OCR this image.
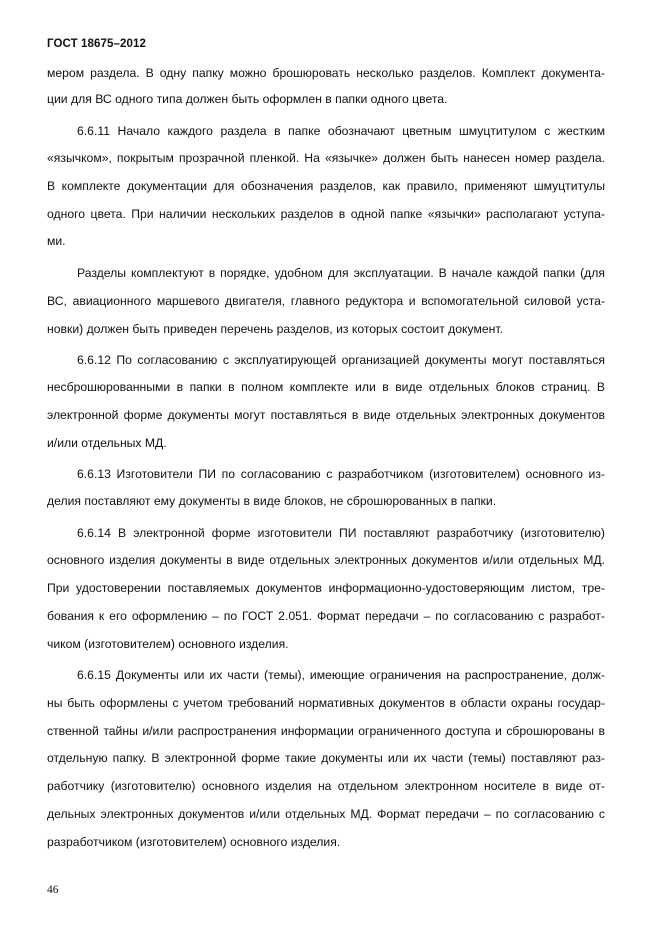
ГОСТ 18675–2012
мером раздела. В одну папку можно брошюровать несколько разделов. Комплект документа-
ции для ВС одного типа должен быть оформлен в папки одного цвета.
6.6.11 Начало каждого раздела в папке обозначают цветным шмуцтитулом с жестким
«язычком», покрытым прозрачной пленкой. На «язычке» должен быть нанесен номер раздела.
В комплекте документации для обозначения разделов, как правило, применяют шмуцтитулы
одного цвета. При наличии нескольких разделов в одной папке «язычки» располагают уступа-
ми.
Разделы комплектуют в порядке, удобном для эксплуатации. В начале каждой папки (для
ВС, авиационного маршевого двигателя, главного редуктора и вспомогательной силовой уста-
новки) должен быть приведен перечень разделов, из которых состоит документ.
6.6.12 По согласованию с эксплуатирующей организацией документы могут поставляться
несброшюрованными в папки в полном комплекте или в виде отдельных блоков страниц. В
электронной форме документы могут поставляться в виде отдельных электронных документов
и/или отдельных МД.
6.6.13 Изготовители ПИ по согласованию с разработчиком (изготовителем) основного из-
делия поставляют ему документы в виде блоков, не сброшюрованных в папки.
6.6.14 В электронной форме изготовители ПИ поставляют разработчику (изготовителю)
основного изделия документы в виде отдельных электронных документов и/или отдельных МД.
При удостоверении поставляемых документов информационно-удостоверяющим листом, тре-
бования к его оформлению – по ГОСТ 2.051. Формат передачи – по согласованию с разработ-
чиком (изготовителем) основного изделия.
6.6.15 Документы или их части (темы), имеющие ограничения на распространение, долж-
ны быть оформлены с учетом требований нормативных документов в области охраны государ-
ственной тайны и/или распространения информации ограниченного доступа и сброшюрованы в
отдельную папку. В электронной форме такие документы или их части (темы) поставляют раз-
работчику (изготовителю) основного изделия на отдельном электронном носителе в виде от-
дельных электронных документов и/или отдельных МД. Формат передачи – по согласованию с
разработчиком (изготовителем) основного изделия.
46
